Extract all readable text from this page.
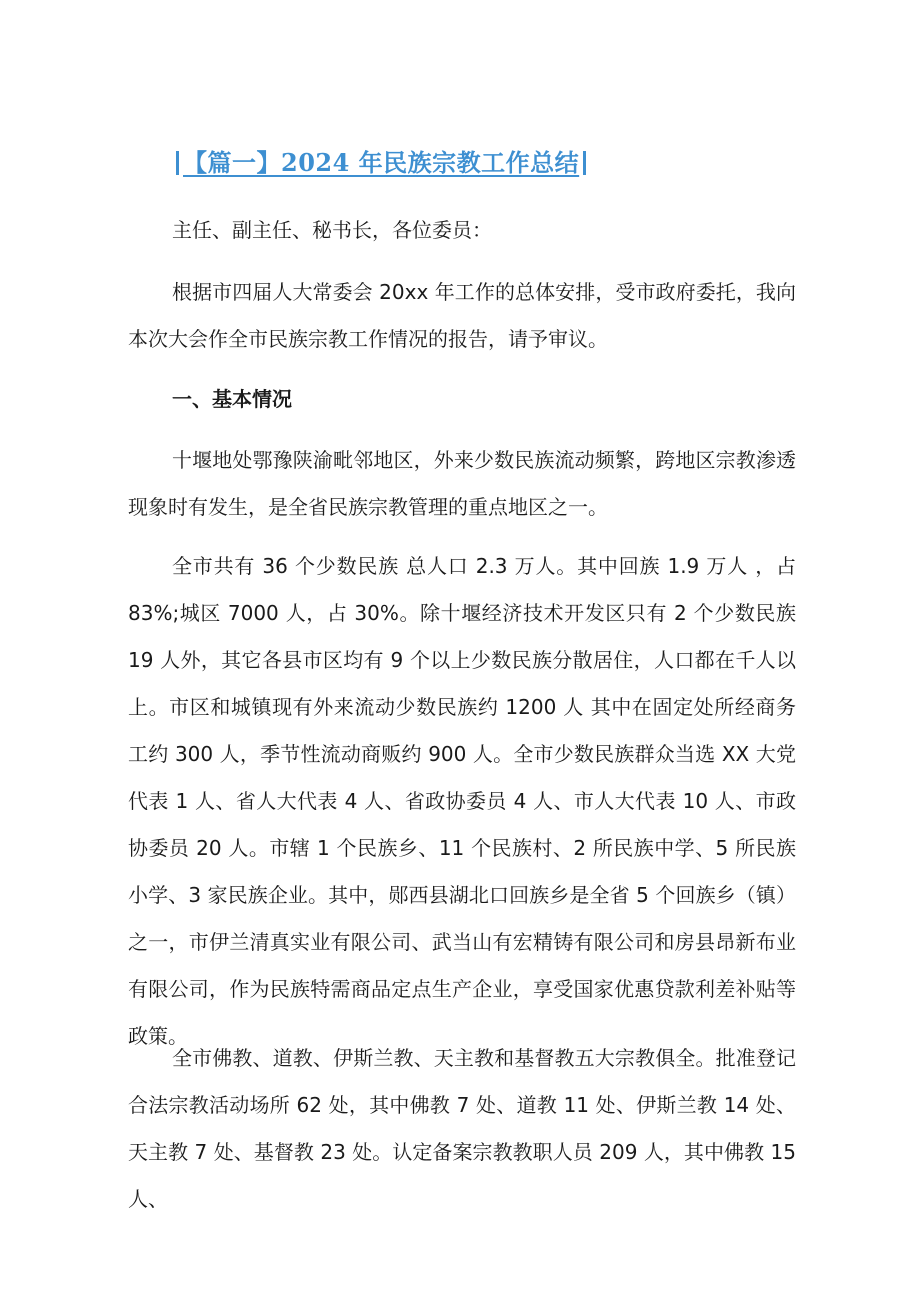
【篇一】2024 年民族宗教工作总结

主任、副主任、秘书长，各位委员：

根据市四届人大常委会 20xx 年工作的总体安排，受市政府委托，我向本次大会作全市民族宗教工作情况的报告，请予审议。

一、基本情况

十堰地处鄂豫陕渝毗邻地区，外来少数民族流动频繁，跨地区宗教渗透现象时有发生，是全省民族宗教管理的重点地区之一。

全市共有 36 个少数民族 总人口 2.3 万人。其中回族 1.9 万人 ，占 83%;城区 7000 人，占 30%。除十堰经济技术开发区只有 2 个少数民族 19 人外，其它各县市区均有 9 个以上少数民族分散居住，人口都在千人以上。市区和城镇现有外来流动少数民族约 1200 人 其中在固定处所经商务工约 300 人，季节性流动商贩约 900 人。全市少数民族群众当选 XX 大党代表 1 人、省人大代表 4 人、省政协委员 4 人、市人大代表 10 人、市政协委员 20 人。市辖 1 个民族乡、11 个民族村、2 所民族中学、5 所民族小学、3 家民族企业。其中，郧西县湖北口回族乡是全省 5 个回族乡（镇）之一，市伊兰清真实业有限公司、武当山有宏精铸有限公司和房县昂新布业有限公司，作为民族特需商品定点生产企业，享受国家优惠贷款利差补贴等政策。

全市佛教、道教、伊斯兰教、天主教和基督教五大宗教俱全。批准登记合法宗教活动场所 62 处，其中佛教 7 处、道教 11 处、伊斯兰教 14 处、天主教 7 处、基督教 23 处。认定备案宗教教职人员 209 人，其中佛教 15 人、
